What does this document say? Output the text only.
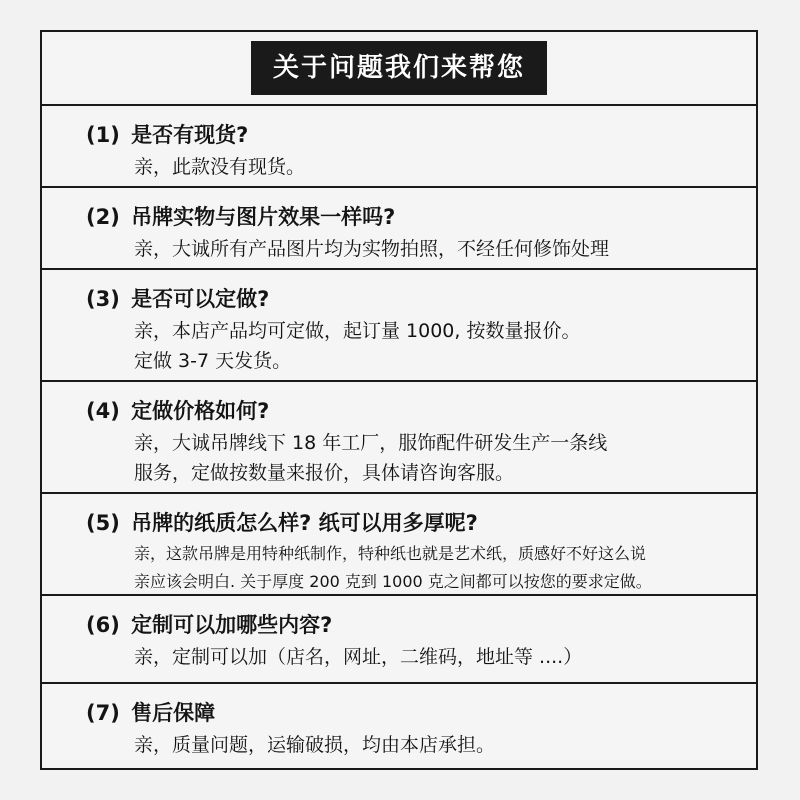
关于问题我们来帮您
(1) 是否有现货?
亲，此款没有现货。
(2) 吊牌实物与图片效果一样吗?
亲，大诚所有产品图片均为实物拍照，不经任何修饰处理
(3) 是否可以定做?
亲，本店产品均可定做，起订量 1000, 按数量报价。
定做 3-7 天发货。
(4) 定做价格如何?
亲，大诚吊牌线下 18 年工厂，服饰配件研发生产一条线
服务，定做按数量来报价，具体请咨询客服。
(5) 吊牌的纸质怎么样? 纸可以用多厚呢?
亲，这款吊牌是用特种纸制作，特种纸也就是艺术纸，质感好不好这么说
亲应该会明白. 关于厚度 200 克到 1000 克之间都可以按您的要求定做。
(6) 定制可以加哪些内容?
亲，定制可以加（店名，网址，二维码，地址等 ....）
(7) 售后保障
亲，质量问题，运输破损，均由本店承担。
